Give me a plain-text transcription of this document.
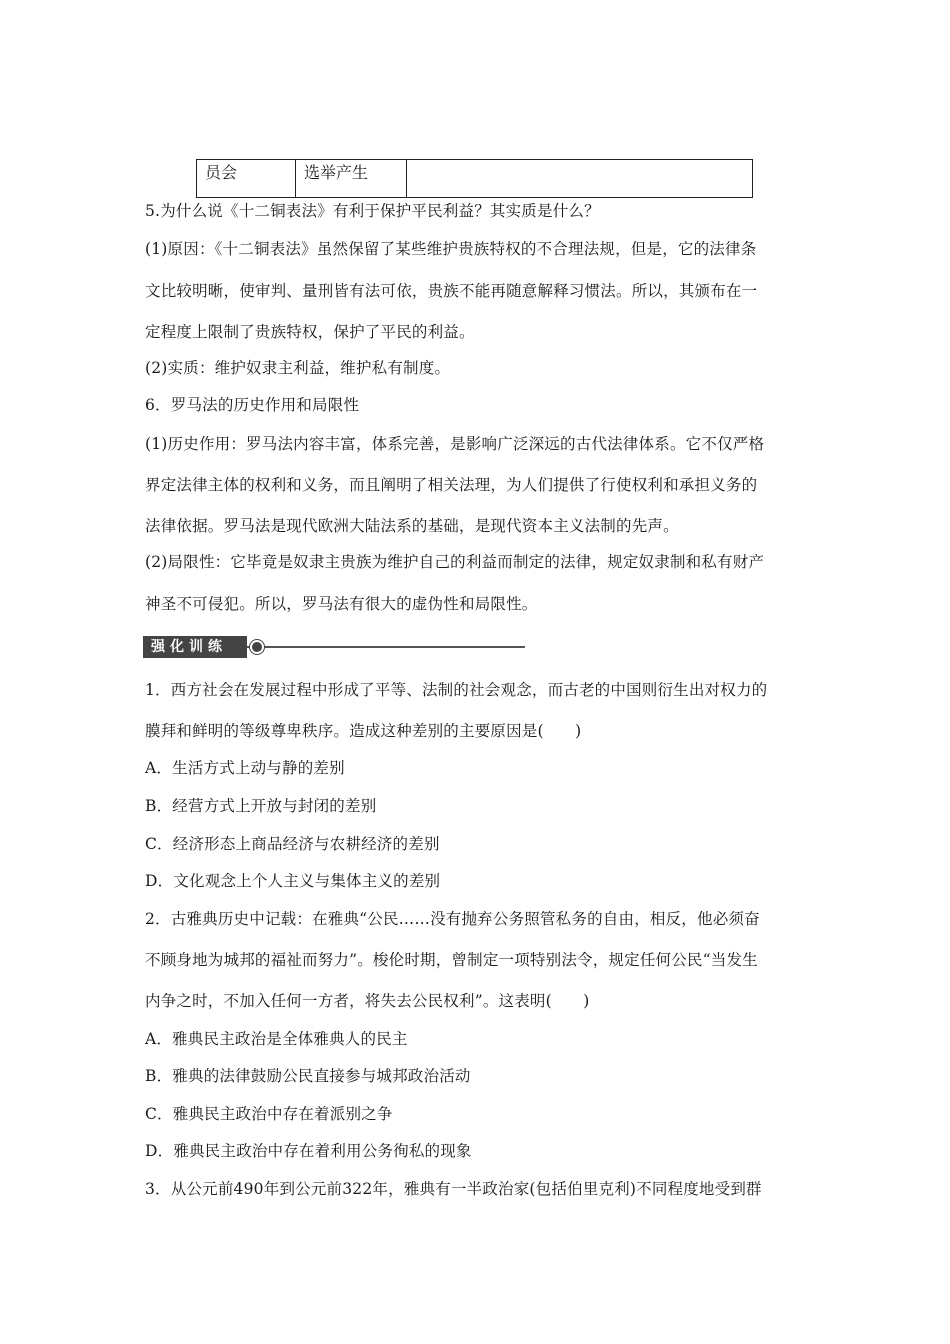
员会	选举产生	
5.为什么说《十二铜表法》有利于保护平民利益？其实质是什么？
(1)原因：《十二铜表法》虽然保留了某些维护贵族特权的不合理法规，但是，它的法律条
文比较明晰，使审判、量刑皆有法可依，贵族不能再随意解释习惯法。所以，其颁布在一
定程度上限制了贵族特权，保护了平民的利益。
(2)实质：维护奴隶主利益，维护私有制度。
6．罗马法的历史作用和局限性
(1)历史作用：罗马法内容丰富，体系完善，是影响广泛深远的古代法律体系。它不仅严格
界定法律主体的权利和义务，而且阐明了相关法理，为人们提供了行使权利和承担义务的
法律依据。罗马法是现代欧洲大陆法系的基础，是现代资本主义法制的先声。
(2)局限性：它毕竟是奴隶主贵族为维护自己的利益而制定的法律，规定奴隶制和私有财产
神圣不可侵犯。所以，罗马法有很大的虚伪性和局限性。
强化训练
1．西方社会在发展过程中形成了平等、法制的社会观念，而古老的中国则衍生出对权力的
膜拜和鲜明的等级尊卑秩序。造成这种差别的主要原因是(　　)
A．生活方式上动与静的差别
B．经营方式上开放与封闭的差别
C．经济形态上商品经济与农耕经济的差别
D．文化观念上个人主义与集体主义的差别
2．古雅典历史中记载：在雅典“公民……没有抛弃公务照管私务的自由，相反，他必须奋
不顾身地为城邦的福祉而努力”。梭伦时期，曾制定一项特别法令，规定任何公民“当发生
内争之时，不加入任何一方者，将失去公民权利”。这表明(　　)
A．雅典民主政治是全体雅典人的民主
B．雅典的法律鼓励公民直接参与城邦政治活动
C．雅典民主政治中存在着派别之争
D．雅典民主政治中存在着利用公务徇私的现象
3．从公元前490年到公元前322年，雅典有一半政治家(包括伯里克利)不同程度地受到群
